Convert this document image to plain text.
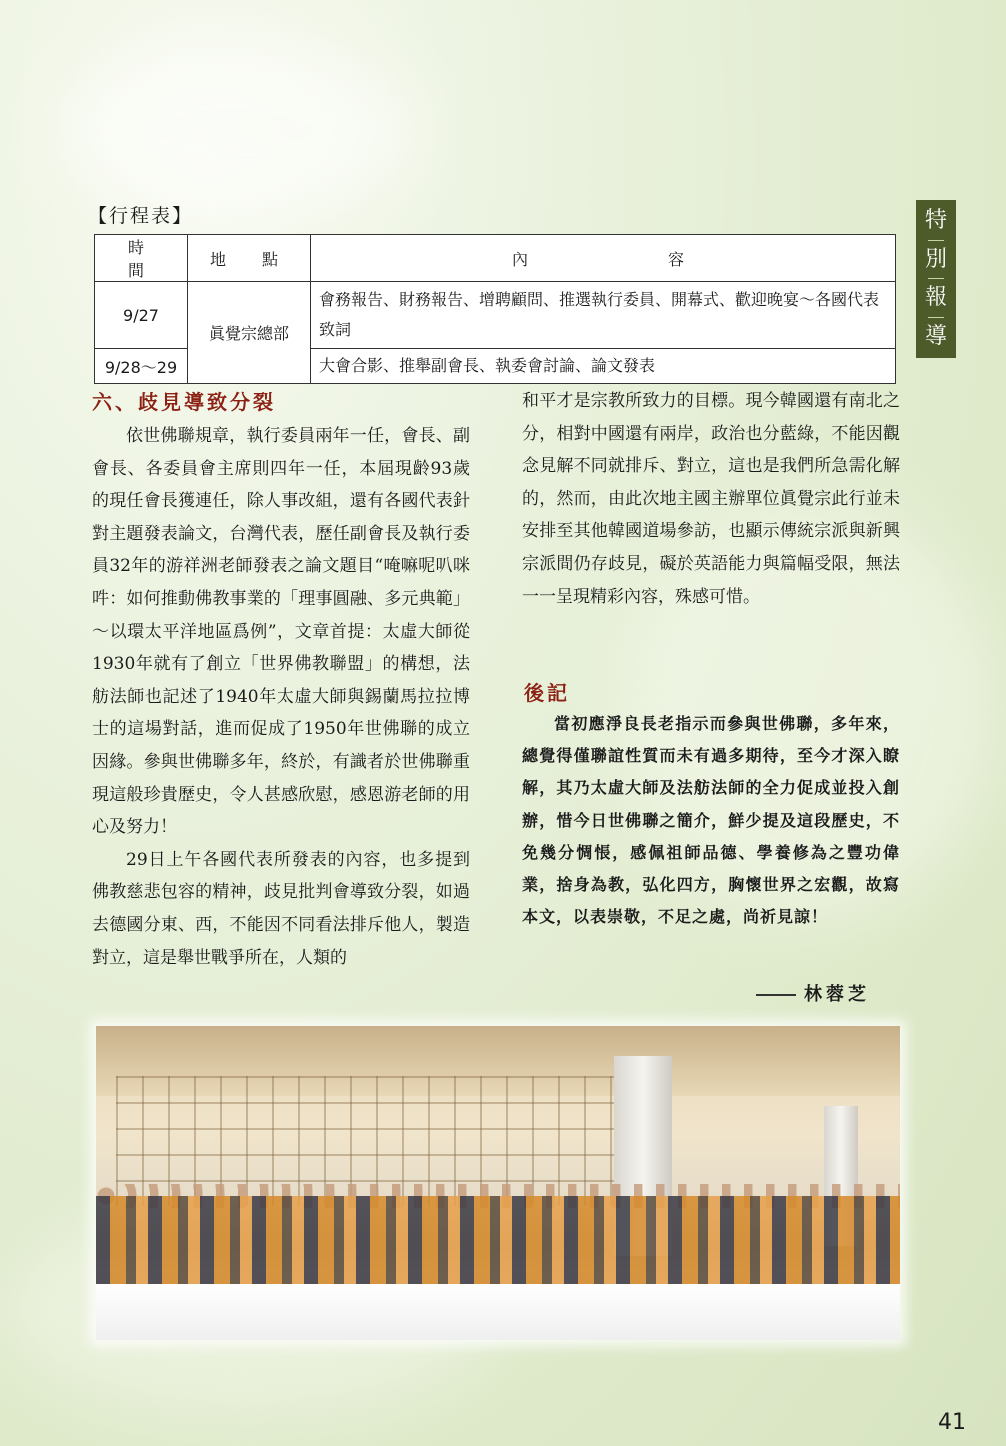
特
別
報
導
【行程表】
時　間	地　點	內　　　　　容
9/27	眞覺宗總部	會務報告、財務報告、增聘顧問、推選執行委員、開幕式、歡迎晚宴～各國代表致詞
9/28～29		大會合影、推舉副會長、執委會討論、論文發表
六、歧見導致分裂

依世佛聯規章，執行委員兩年一任，會長、副會長、各委員會主席則四年一任，本屆現齡93歲的現任會長獲連任，除人事改組，還有各國代表針對主題發表論文，台灣代表，歷任副會長及執行委員32年的游祥洲老師發表之論文題目“唵嘛呢叭咪吽：如何推動佛教事業的「理事圓融、多元典範」～以環太平洋地區爲例”，文章首提：太虛大師從1930年就有了創立「世界佛教聯盟」的構想，法舫法師也記述了1940年太虛大師與錫蘭馬拉拉博士的這場對話，進而促成了1950年世佛聯的成立因緣。參與世佛聯多年，終於，有識者於世佛聯重現這般珍貴歷史，令人甚感欣慰，感恩游老師的用心及努力！

29日上午各國代表所發表的內容，也多提到佛教慈悲包容的精神，歧見批判會導致分裂，如過去德國分東、西，不能因不同看法排斥他人，製造對立，這是舉世戰爭所在，人類的

和平才是宗教所致力的目標。現今韓國還有南北之分，相對中國還有兩岸，政治也分藍綠，不能因觀念見解不同就排斥、對立，這也是我們所急需化解的，然而，由此次地主國主辦單位眞覺宗此行並未安排至其他韓國道場參訪，也顯示傳統宗派與新興宗派間仍存歧見，礙於英語能力與篇幅受限，無法一一呈現精彩內容，殊感可惜。

後記

當初應淨良長老指示而參與世佛聯，多年來，總覺得僅聯誼性質而未有過多期待，至今才深入瞭解，其乃太虛大師及法舫法師的全力促成並投入創辦，惜今日世佛聯之簡介，鮮少提及這段歷史，不免幾分惆悵，感佩祖師品德、學養修為之豐功偉業，捨身為教，弘化四方，胸懷世界之宏觀，故寫本文，以表崇敬，不足之處，尚祈見諒！

林蓉芝
41
